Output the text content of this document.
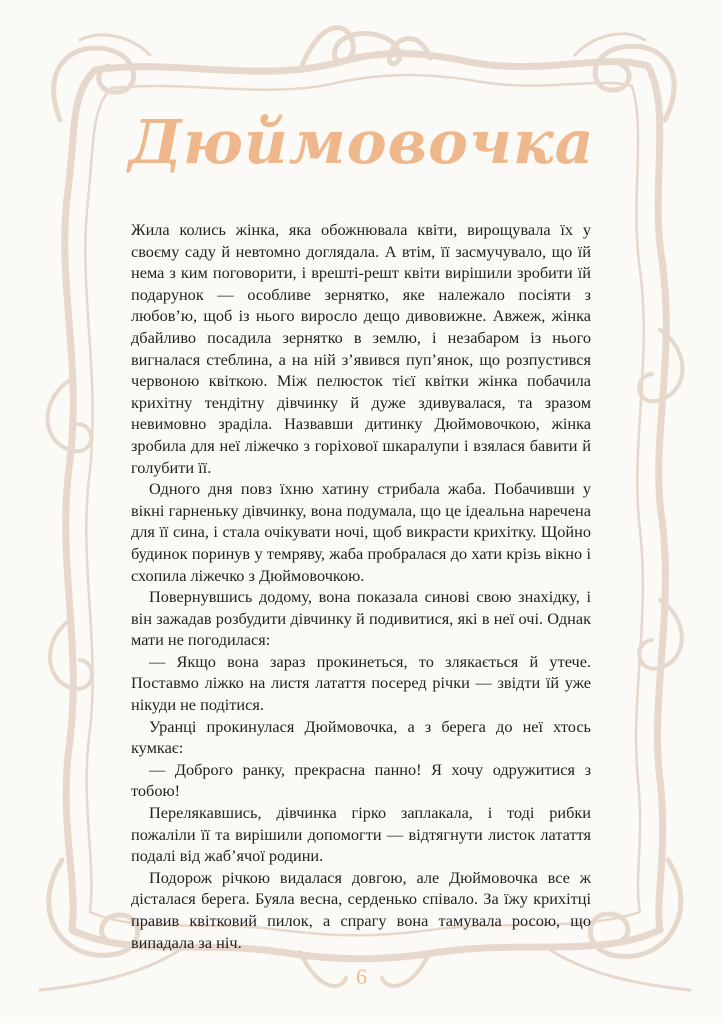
Дюймовочка

Жила колись жінка, яка обожнювала квіти, вирощувала їх у своєму саду й невтомно доглядала. А втім, її засмучувало, що їй нема з ким поговорити, і врешті-решт квіти вирішили зробити їй подарунок — особливе зернятко, яке належало посіяти з любов’ю, щоб із нього виросло дещо дивовижне. Авжеж, жінка дбайливо посадила зернятко в землю, і незабаром із нього вигналася стеблина, а на ній з’явився пуп’янок, що розпустився червоною квіткою. Між пелюсток тієї квітки жінка побачила крихітну тендітну дівчинку й дуже здивувалася, та зразом невимовно зраділа. Назвавши дитинку Дюймовочкою, жінка зробила для неї ліжечко з горіхової шкаралупи і взялася бавити й голубити її.

Одного дня повз їхню хатину стрибала жаба. Побачивши у вікні гарненьку дівчинку, вона подумала, що це ідеальна наречена для її сина, і стала очікувати ночі, щоб викрасти крихітку. Щойно будинок поринув у темряву, жаба пробралася до хати крізь вікно і схопила ліжечко з Дюймовочкою.

Повернувшись додому, вона показала синові свою знахідку, і він зажадав розбудити дівчинку й подивитися, які в неї очі. Однак мати не погодилася:

— Якщо вона зараз прокинеться, то злякається й утече. Поставмо ліжко на листя латаття посеред річки — звідти їй уже нікуди не подітися.

Уранці прокинулася Дюймовочка, а з берега до неї хтось кумкає:

— Доброго ранку, прекрасна панно! Я хочу одружитися з тобою!

Перелякавшись, дівчинка гірко заплакала, і тоді рибки пожаліли її та вирішили допомогти — відтягнути листок латаття подалі від жаб’ячої родини.

Подорож річкою видалася довгою, але Дюймовочка все ж дісталася берега. Буяла весна, серденько співало. За їжу крихітці правив квітковий пилок, а спрагу вона тамувала росою, що випадала за ніч.

6
